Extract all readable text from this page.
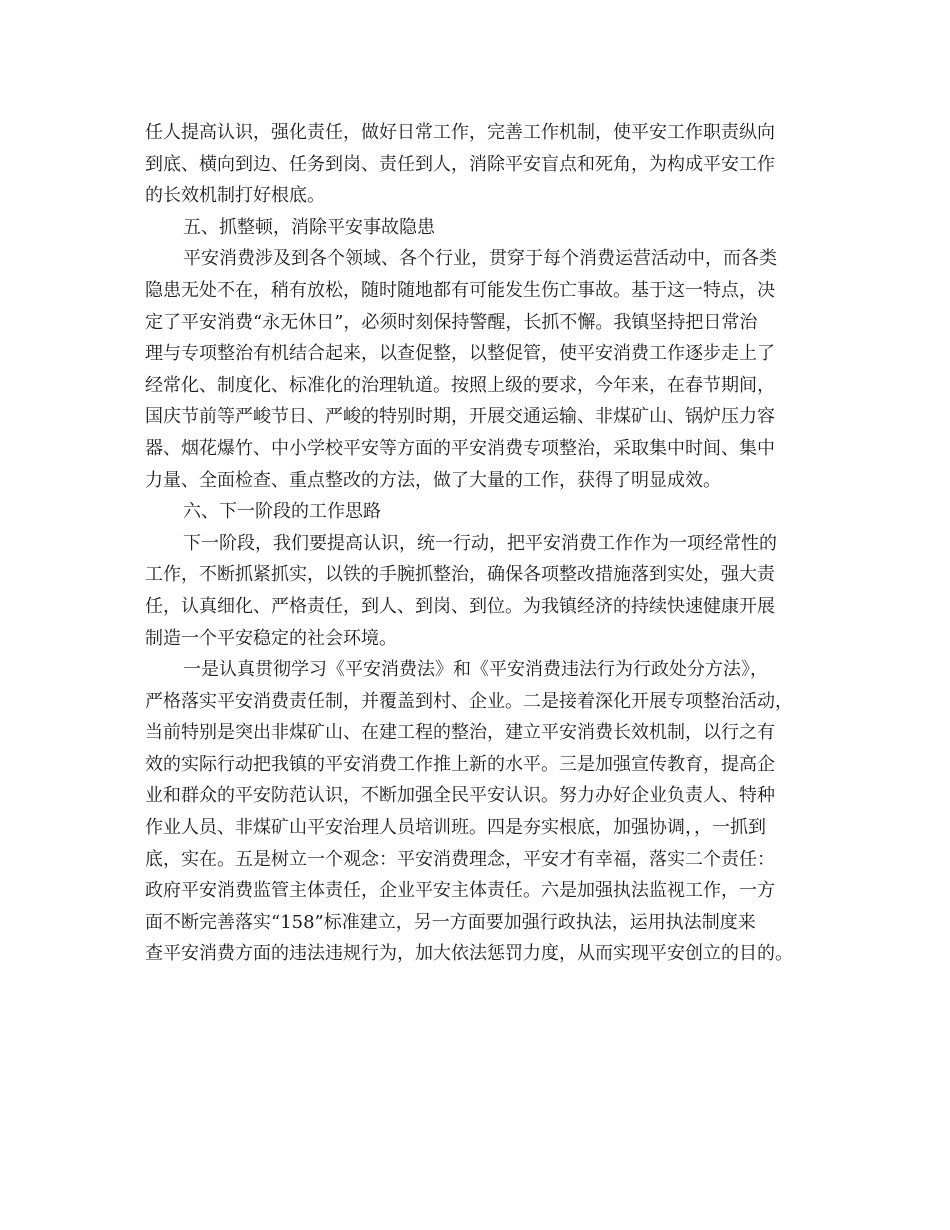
任人提高认识，强化责任，做好日常工作，完善工作机制，使平安工作职责纵向
到底、横向到边、任务到岗、责任到人，消除平安盲点和死角，为构成平安工作
的长效机制打好根底。
五、抓整顿，消除平安事故隐患
平安消费涉及到各个领域、各个行业，贯穿于每个消费运营活动中，而各类
隐患无处不在，稍有放松，随时随地都有可能发生伤亡事故。基于这一特点，决
定了平安消费“永无休日”，必须时刻保持警醒，长抓不懈。我镇坚持把日常治
理与专项整治有机结合起来，以查促整，以整促管，使平安消费工作逐步走上了
经常化、制度化、标准化的治理轨道。按照上级的要求，今年来，在春节期间，
国庆节前等严峻节日、严峻的特别时期，开展交通运输、非煤矿山、锅炉压力容
器、烟花爆竹、中小学校平安等方面的平安消费专项整治，采取集中时间、集中
力量、全面检查、重点整改的方法，做了大量的工作，获得了明显成效。
六、下一阶段的工作思路
下一阶段，我们要提高认识，统一行动，把平安消费工作作为一项经常性的
工作，不断抓紧抓实，以铁的手腕抓整治，确保各项整改措施落到实处，强大责
任，认真细化、严格责任，到人、到岗、到位。为我镇经济的持续快速健康开展
制造一个平安稳定的社会环境。
一是认真贯彻学习《平安消费法》和《平安消费违法行为行政处分方法》，
严格落实平安消费责任制，并覆盖到村、企业。二是接着深化开展专项整治活动，
当前特别是突出非煤矿山、在建工程的整治，建立平安消费长效机制，以行之有
效的实际行动把我镇的平安消费工作推上新的水平。三是加强宣传教育，提高企
业和群众的平安防范认识，不断加强全民平安认识。努力办好企业负责人、特种
作业人员、非煤矿山平安治理人员培训班。四是夯实根底，加强协调，，一抓到
底，实在。五是树立一个观念：平安消费理念，平安才有幸福，落实二个责任：
政府平安消费监管主体责任，企业平安主体责任。六是加强执法监视工作，一方
面不断完善落实“158”标准建立，另一方面要加强行政执法，运用执法制度来
查平安消费方面的违法违规行为，加大依法惩罚力度，从而实现平安创立的目的。
